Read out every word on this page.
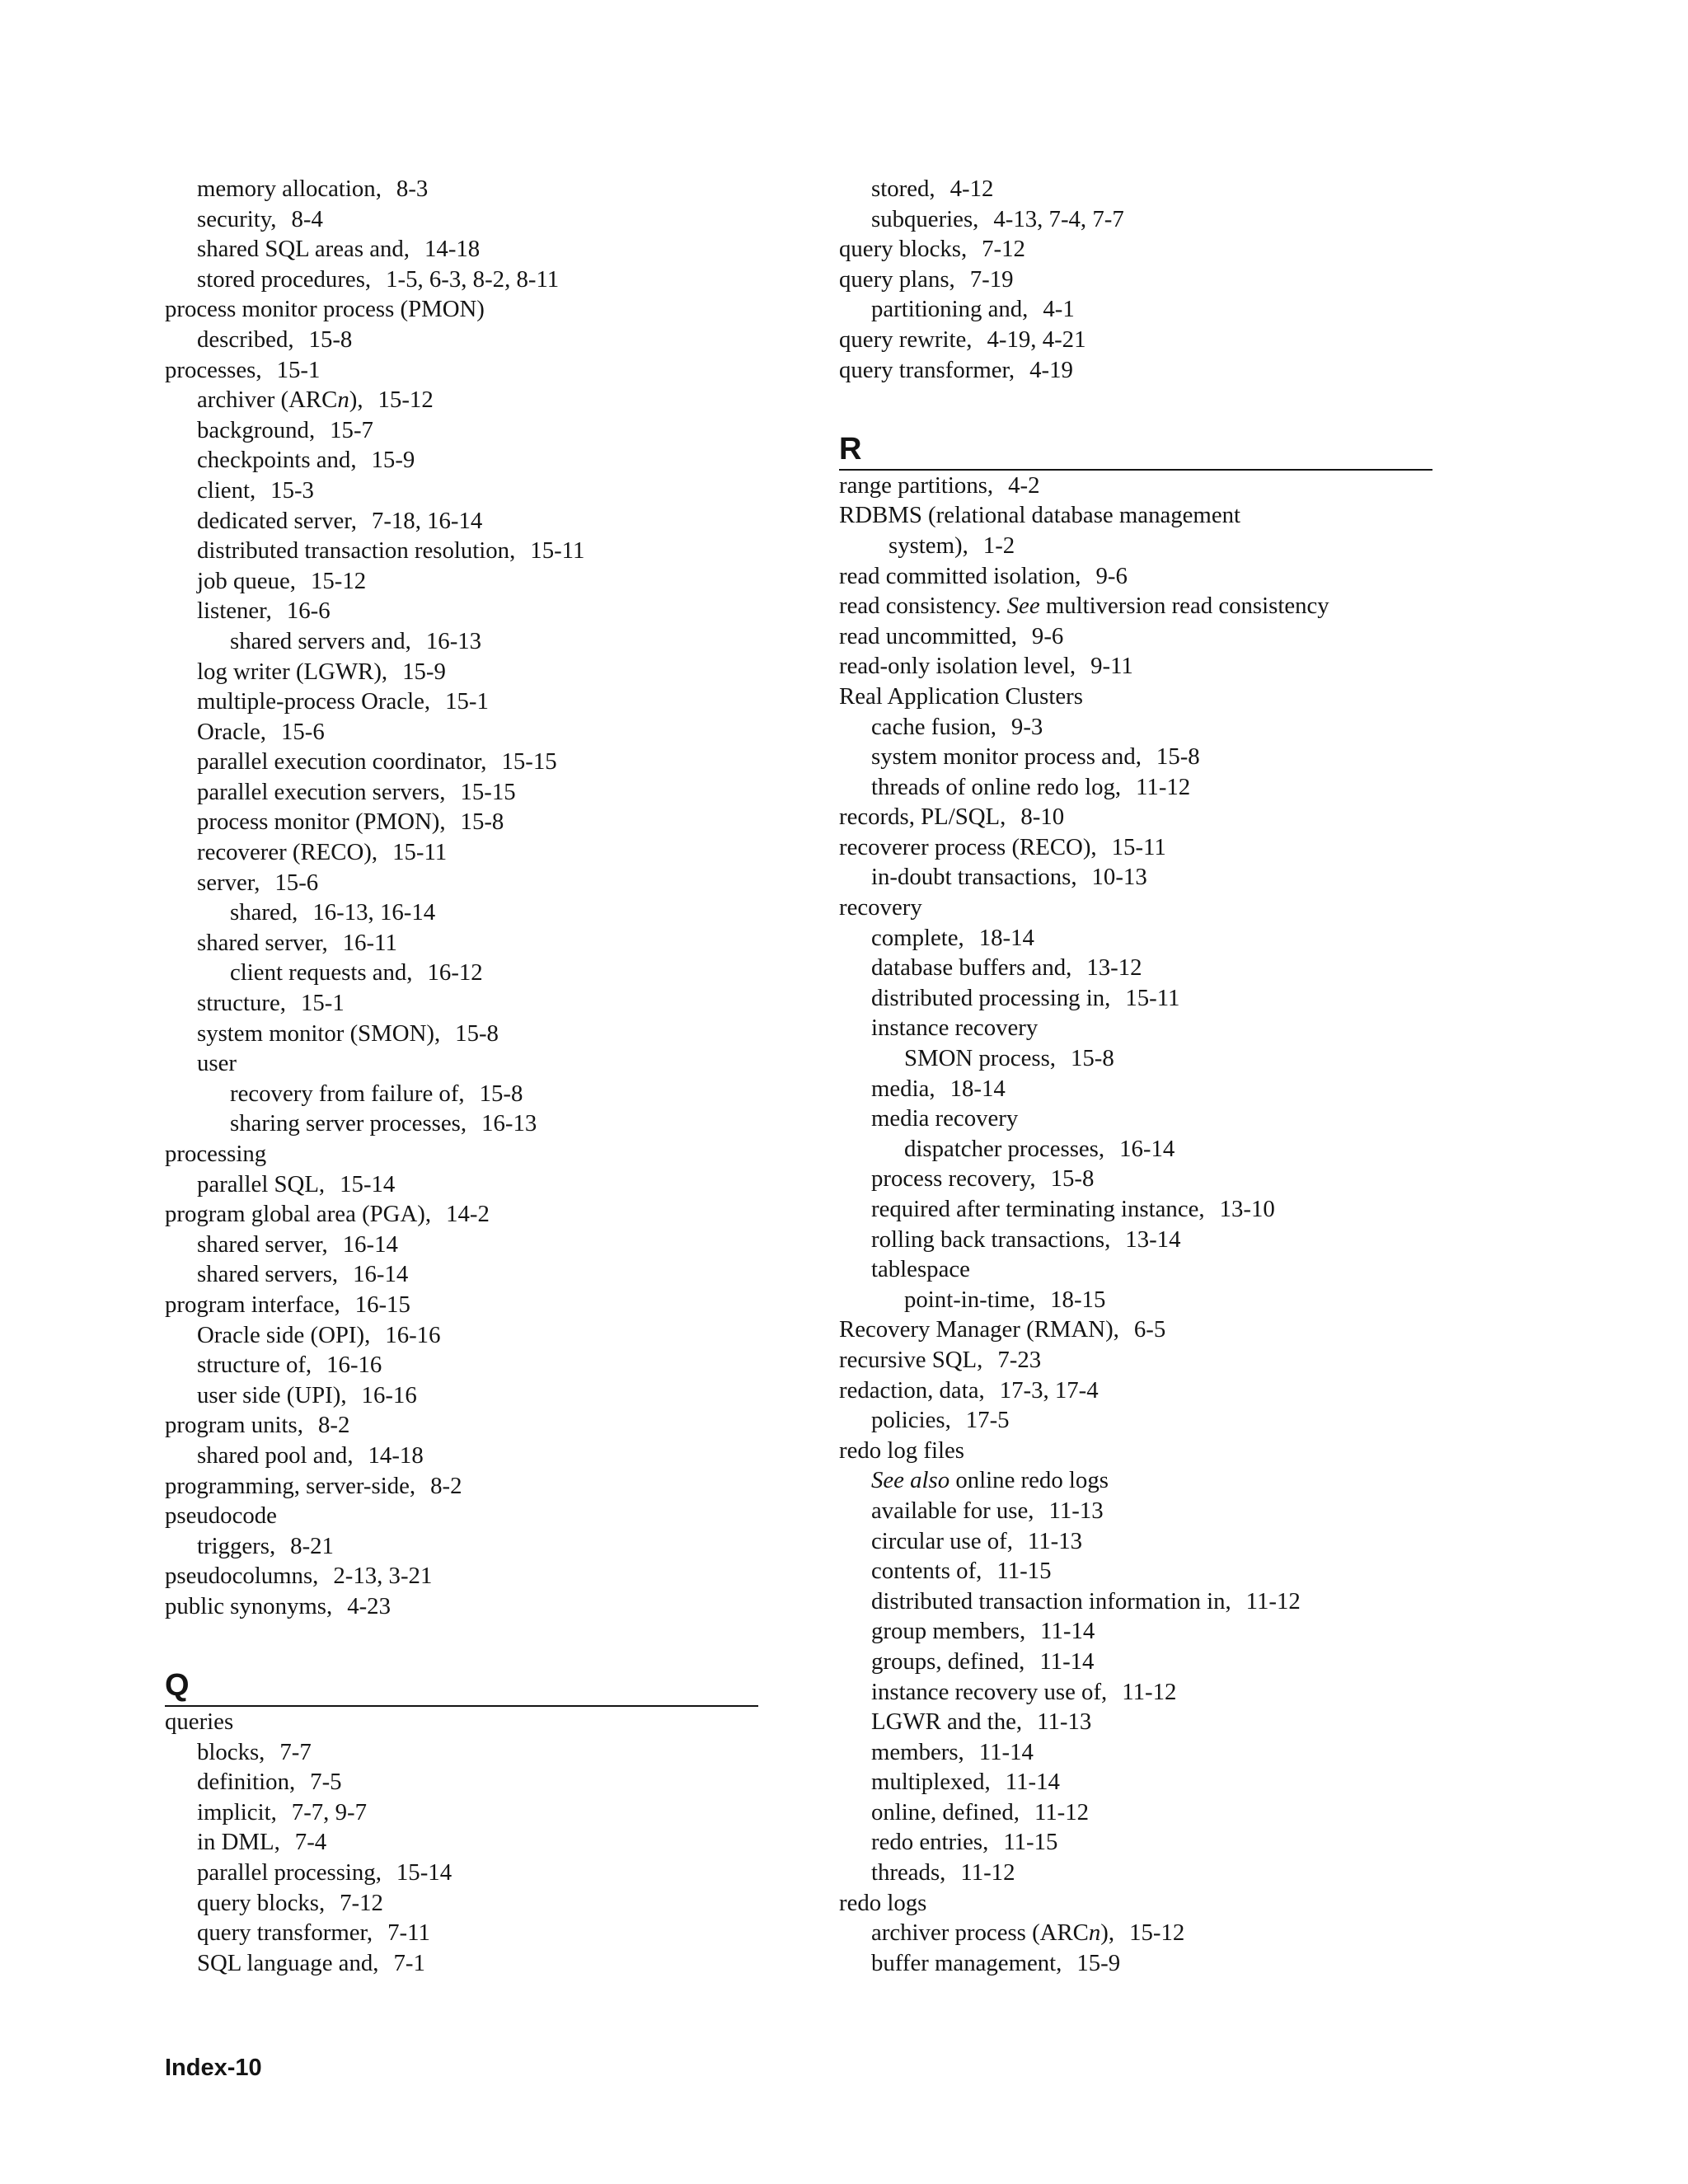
memory allocation, 8-3
security, 8-4
shared SQL areas and, 14-18
stored procedures, 1-5, 6-3, 8-2, 8-11
process monitor process (PMON)
described, 15-8
processes, 15-1
archiver (ARCn), 15-12
background, 15-7
checkpoints and, 15-9
client, 15-3
dedicated server, 7-18, 16-14
distributed transaction resolution, 15-11
job queue, 15-12
listener, 16-6
shared servers and, 16-13
log writer (LGWR), 15-9
multiple-process Oracle, 15-1
Oracle, 15-6
parallel execution coordinator, 15-15
parallel execution servers, 15-15
process monitor (PMON), 15-8
recoverer (RECO), 15-11
server, 15-6
shared, 16-13, 16-14
shared server, 16-11
client requests and, 16-12
structure, 15-1
system monitor (SMON), 15-8
user
recovery from failure of, 15-8
sharing server processes, 16-13
processing
parallel SQL, 15-14
program global area (PGA), 14-2
shared server, 16-14
shared servers, 16-14
program interface, 16-15
Oracle side (OPI), 16-16
structure of, 16-16
user side (UPI), 16-16
program units, 8-2
shared pool and, 14-18
programming, server-side, 8-2
pseudocode
triggers, 8-21
pseudocolumns, 2-13, 3-21
public synonyms, 4-23
Q
queries
blocks, 7-7
definition, 7-5
implicit, 7-7, 9-7
in DML, 7-4
parallel processing, 15-14
query blocks, 7-12
query transformer, 7-11
SQL language and, 7-1
stored, 4-12
subqueries, 4-13, 7-4, 7-7
query blocks, 7-12
query plans, 7-19
partitioning and, 4-1
query rewrite, 4-19, 4-21
query transformer, 4-19
R
range partitions, 4-2
RDBMS (relational database management
system), 1-2
read committed isolation, 9-6
read consistency. See multiversion read consistency
read uncommitted, 9-6
read-only isolation level, 9-11
Real Application Clusters
cache fusion, 9-3
system monitor process and, 15-8
threads of online redo log, 11-12
records, PL/SQL, 8-10
recoverer process (RECO), 15-11
in-doubt transactions, 10-13
recovery
complete, 18-14
database buffers and, 13-12
distributed processing in, 15-11
instance recovery
SMON process, 15-8
media, 18-14
media recovery
dispatcher processes, 16-14
process recovery, 15-8
required after terminating instance, 13-10
rolling back transactions, 13-14
tablespace
point-in-time, 18-15
Recovery Manager (RMAN), 6-5
recursive SQL, 7-23
redaction, data, 17-3, 17-4
policies, 17-5
redo log files
See also online redo logs
available for use, 11-13
circular use of, 11-13
contents of, 11-15
distributed transaction information in, 11-12
group members, 11-14
groups, defined, 11-14
instance recovery use of, 11-12
LGWR and the, 11-13
members, 11-14
multiplexed, 11-14
online, defined, 11-12
redo entries, 11-15
threads, 11-12
redo logs
archiver process (ARCn), 15-12
buffer management, 15-9
Index-10
